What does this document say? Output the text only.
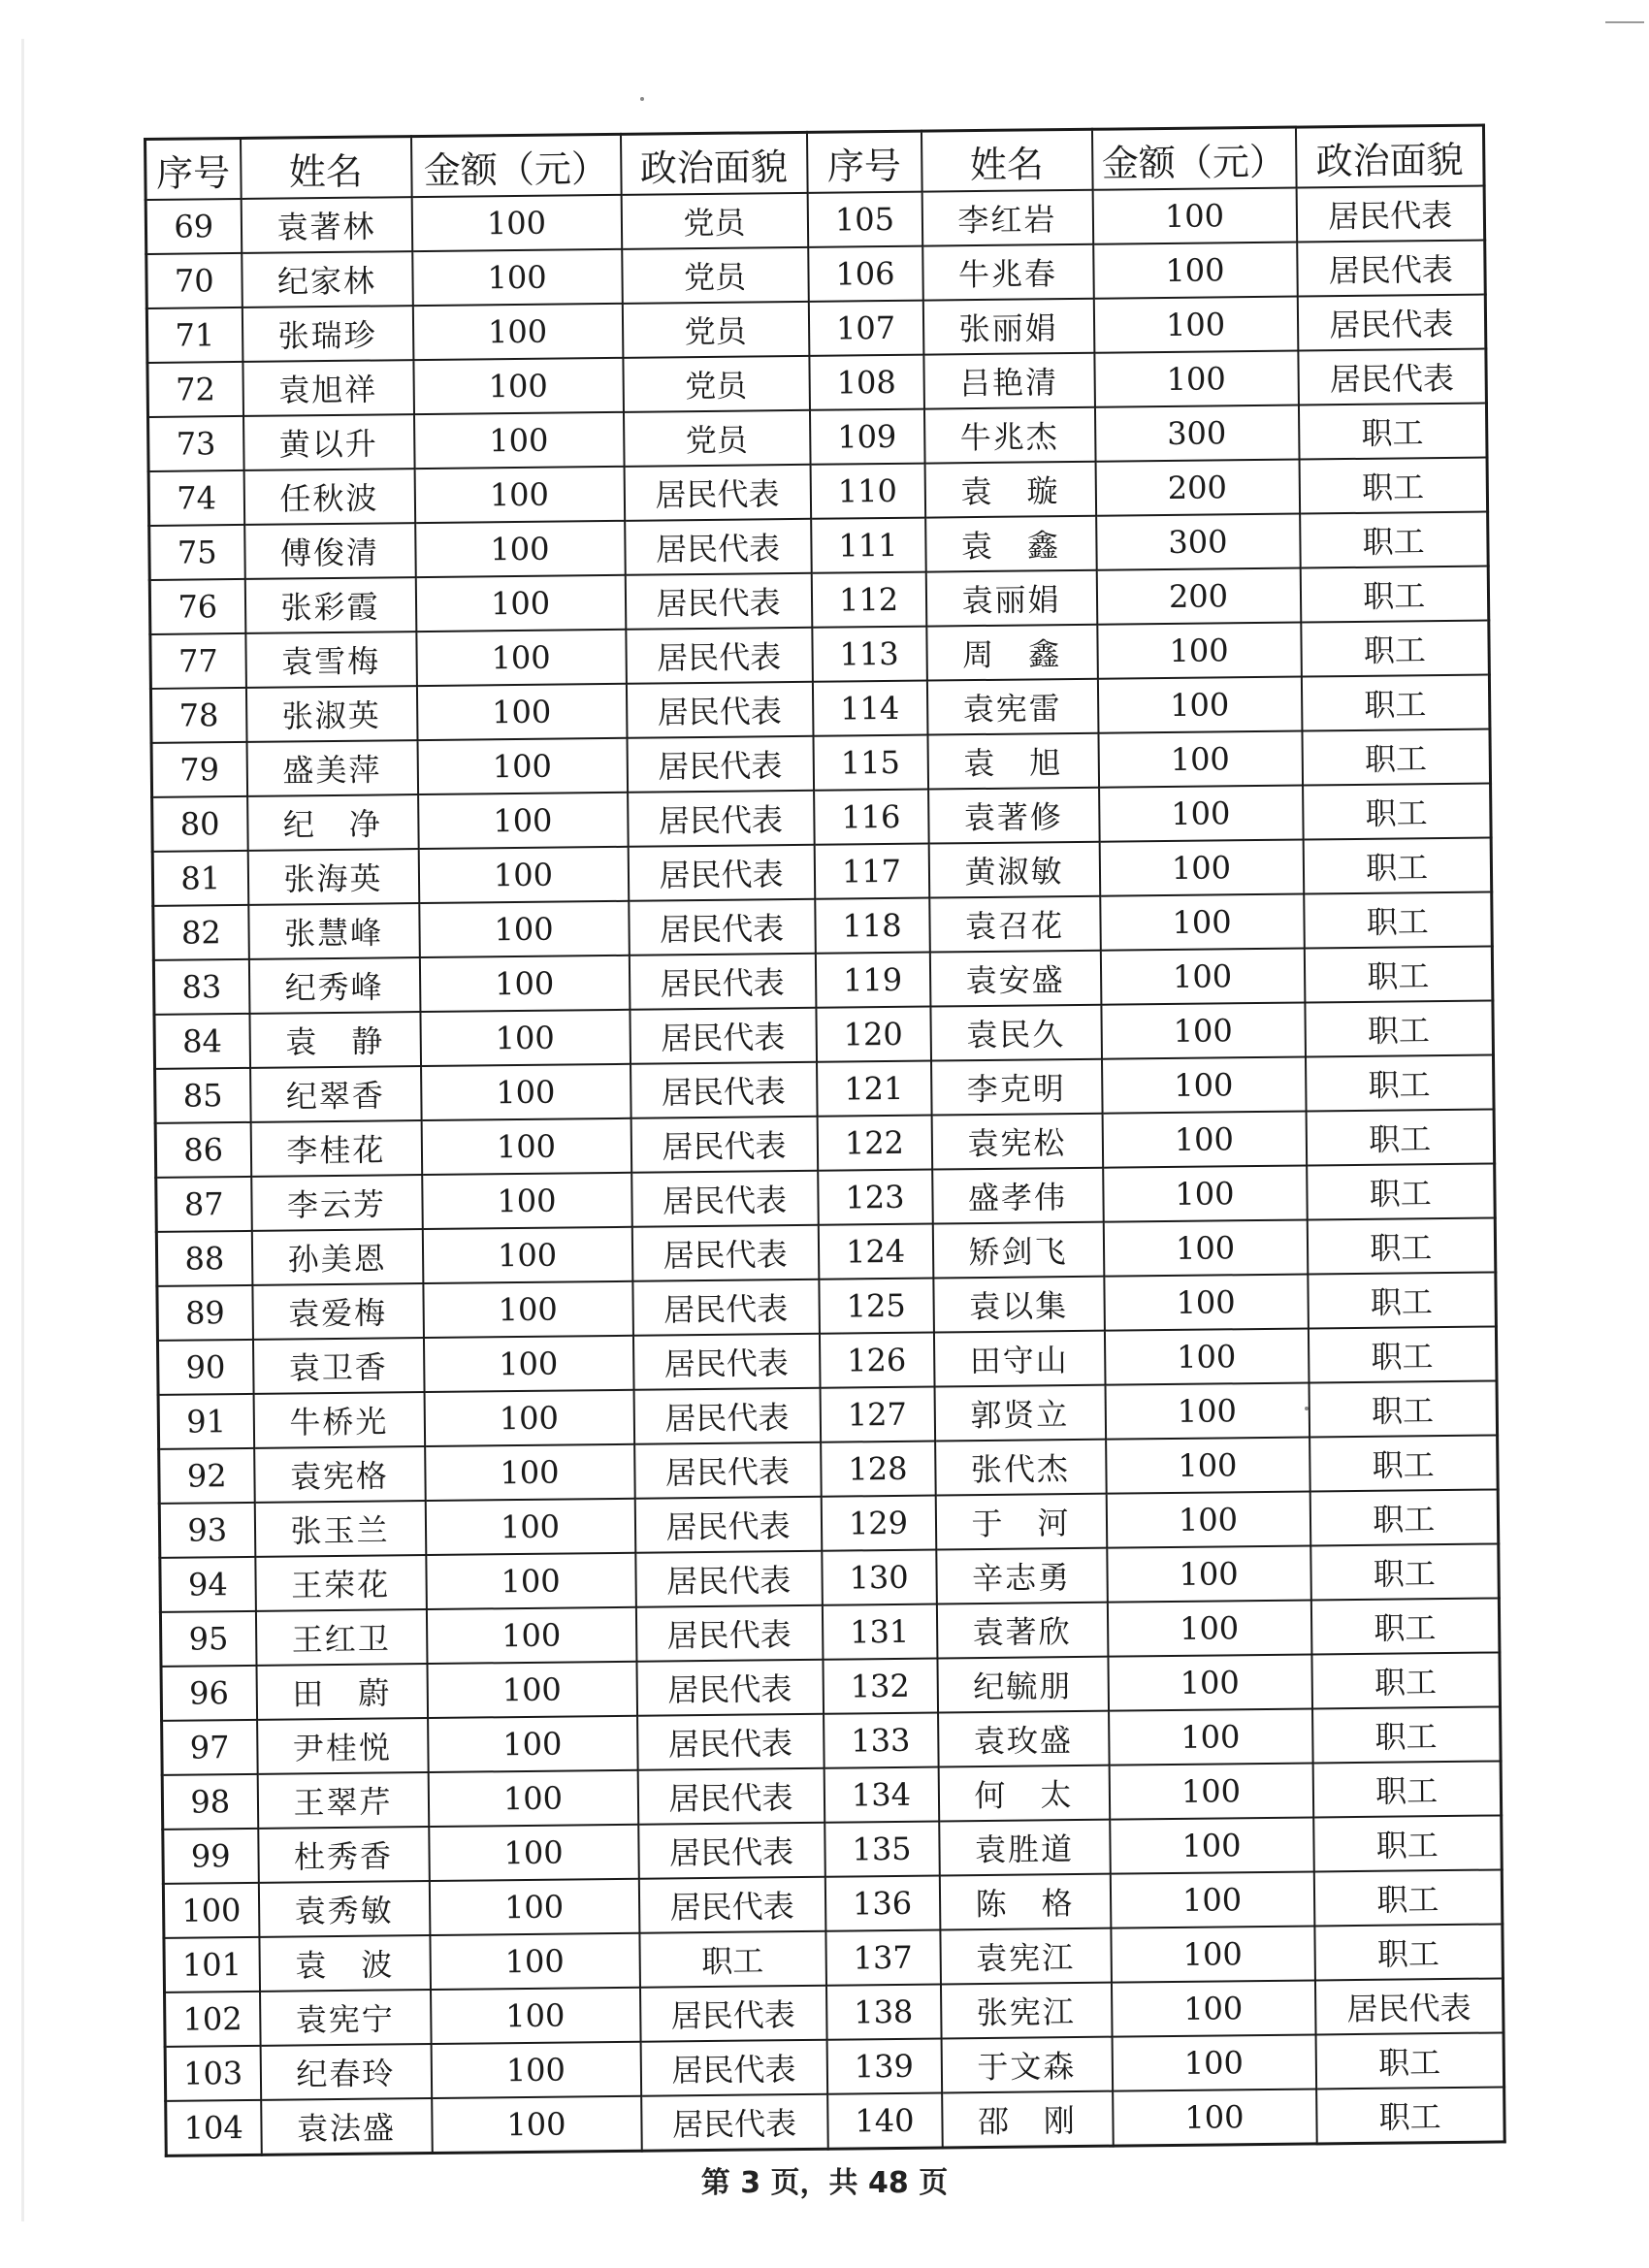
序号	姓名	金额（元）	政治面貌	序号	姓名	金额（元）	政治面貌
69	袁著林	100	党员	105	李红岩	100	居民代表
70	纪家林	100	党员	106	牛兆春	100	居民代表
71	张瑞珍	100	党员	107	张丽娟	100	居民代表
72	袁旭祥	100	党员	108	吕艳清	100	居民代表
73	黄以升	100	党员	109	牛兆杰	300	职工
74	任秋波	100	居民代表	110	袁　璇	200	职工
75	傅俊清	100	居民代表	111	袁　鑫	300	职工
76	张彩霞	100	居民代表	112	袁丽娟	200	职工
77	袁雪梅	100	居民代表	113	周　鑫	100	职工
78	张淑英	100	居民代表	114	袁宪雷	100	职工
79	盛美萍	100	居民代表	115	袁　旭	100	职工
80	纪　净	100	居民代表	116	袁著修	100	职工
81	张海英	100	居民代表	117	黄淑敏	100	职工
82	张慧峰	100	居民代表	118	袁召花	100	职工
83	纪秀峰	100	居民代表	119	袁安盛	100	职工
84	袁　静	100	居民代表	120	袁民久	100	职工
85	纪翠香	100	居民代表	121	李克明	100	职工
86	李桂花	100	居民代表	122	袁宪松	100	职工
87	李云芳	100	居民代表	123	盛孝伟	100	职工
88	孙美恩	100	居民代表	124	矫剑飞	100	职工
89	袁爱梅	100	居民代表	125	袁以集	100	职工
90	袁卫香	100	居民代表	126	田守山	100	职工
91	牛桥光	100	居民代表	127	郭贤立	100	职工
92	袁宪格	100	居民代表	128	张代杰	100	职工
93	张玉兰	100	居民代表	129	于　河	100	职工
94	王荣花	100	居民代表	130	辛志勇	100	职工
95	王红卫	100	居民代表	131	袁著欣	100	职工
96	田　蔚	100	居民代表	132	纪毓朋	100	职工
97	尹桂悦	100	居民代表	133	袁玫盛	100	职工
98	王翠芹	100	居民代表	134	何　太	100	职工
99	杜秀香	100	居民代表	135	袁胜道	100	职工
100	袁秀敏	100	居民代表	136	陈　格	100	职工
101	袁　波	100	职工	137	袁宪江	100	职工
102	袁宪宁	100	居民代表	138	张宪江	100	居民代表
103	纪春玲	100	居民代表	139	于文森	100	职工
104	袁法盛	100	居民代表	140	邵　刚	100	职工
第 3 页，共 48 页
